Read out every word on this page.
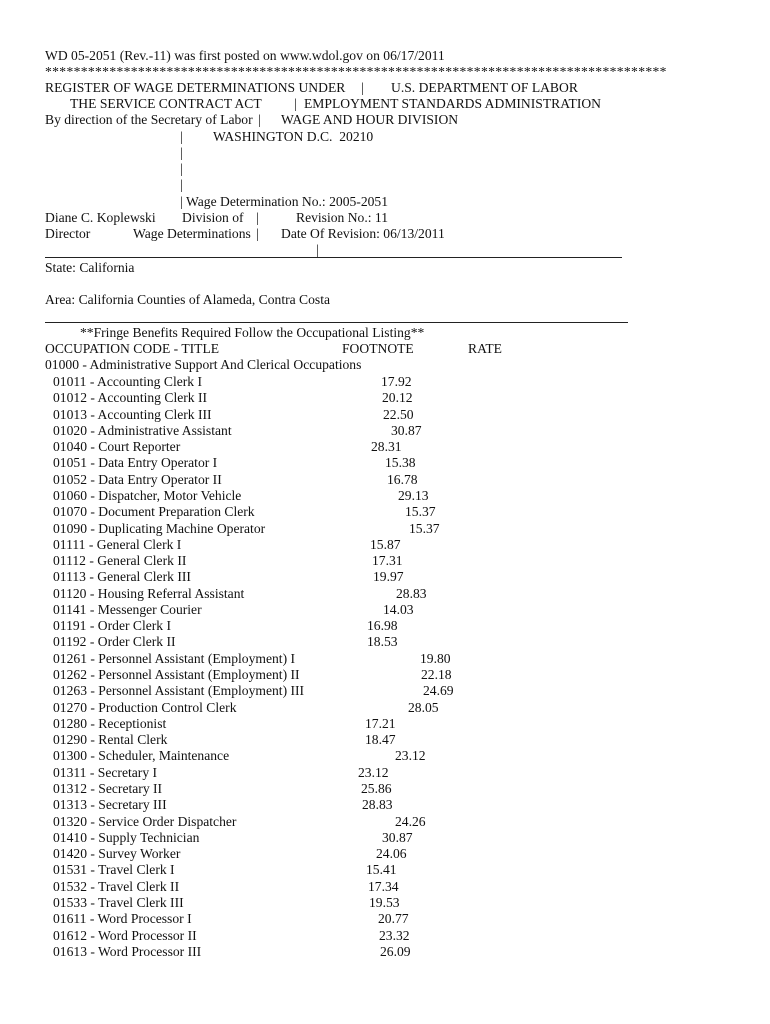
WD 05-2051 (Rev.-11) was first posted on www.wdol.gov on 06/17/2011
***************************************************************************************
REGISTER OF WAGE DETERMINATIONS UNDER | U.S. DEPARTMENT OF LABOR
THE SERVICE CONTRACT ACT | EMPLOYMENT STANDARDS ADMINISTRATION
By direction of the Secretary of Labor | WAGE AND HOUR DIVISION
| WASHINGTON D.C.  20210
|
|
|
| Wage Determination No.: 2005-2051
Diane C. Koplewski Division of |	Revision No.: 11
Director	Wage Determinations | Date Of Revision: 06/13/2011
|
State: California
Area: California Counties of Alameda, Contra Costa
**Fringe Benefits Required Follow the Occupational Listing**
OCCUPATION CODE - TITLE	FOOTNOTE	RATE
01000 - Administrative Support And Clerical Occupations
01011 - Accounting Clerk I	17.92
01012 - Accounting Clerk II	20.12
01013 - Accounting Clerk III	22.50
01020 - Administrative Assistant	30.87
01040 - Court Reporter	28.31
01051 - Data Entry Operator I	15.38
01052 - Data Entry Operator II	16.78
01060 - Dispatcher, Motor Vehicle	29.13
01070 - Document Preparation Clerk	15.37
01090 - Duplicating Machine Operator	15.37
01111 - General Clerk I	15.87
01112 - General Clerk II	17.31
01113 - General Clerk III	19.97
01120 - Housing Referral Assistant	28.83
01141 - Messenger Courier	14.03
01191 - Order Clerk I	16.98
01192 - Order Clerk II	18.53
01261 - Personnel Assistant (Employment) I	19.80
01262 - Personnel Assistant (Employment) II	22.18
01263 - Personnel Assistant (Employment) III	24.69
01270 - Production Control Clerk	28.05
01280 - Receptionist	17.21
01290 - Rental Clerk	18.47
01300 - Scheduler, Maintenance	23.12
01311 - Secretary I	23.12
01312 - Secretary II	25.86
01313 - Secretary III	28.83
01320 - Service Order Dispatcher	24.26
01410 - Supply Technician	30.87
01420 - Survey Worker	24.06
01531 - Travel Clerk I	15.41
01532 - Travel Clerk II	17.34
01533 - Travel Clerk III	19.53
01611 - Word Processor I	20.77
01612 - Word Processor II	23.32
01613 - Word Processor III	26.09
